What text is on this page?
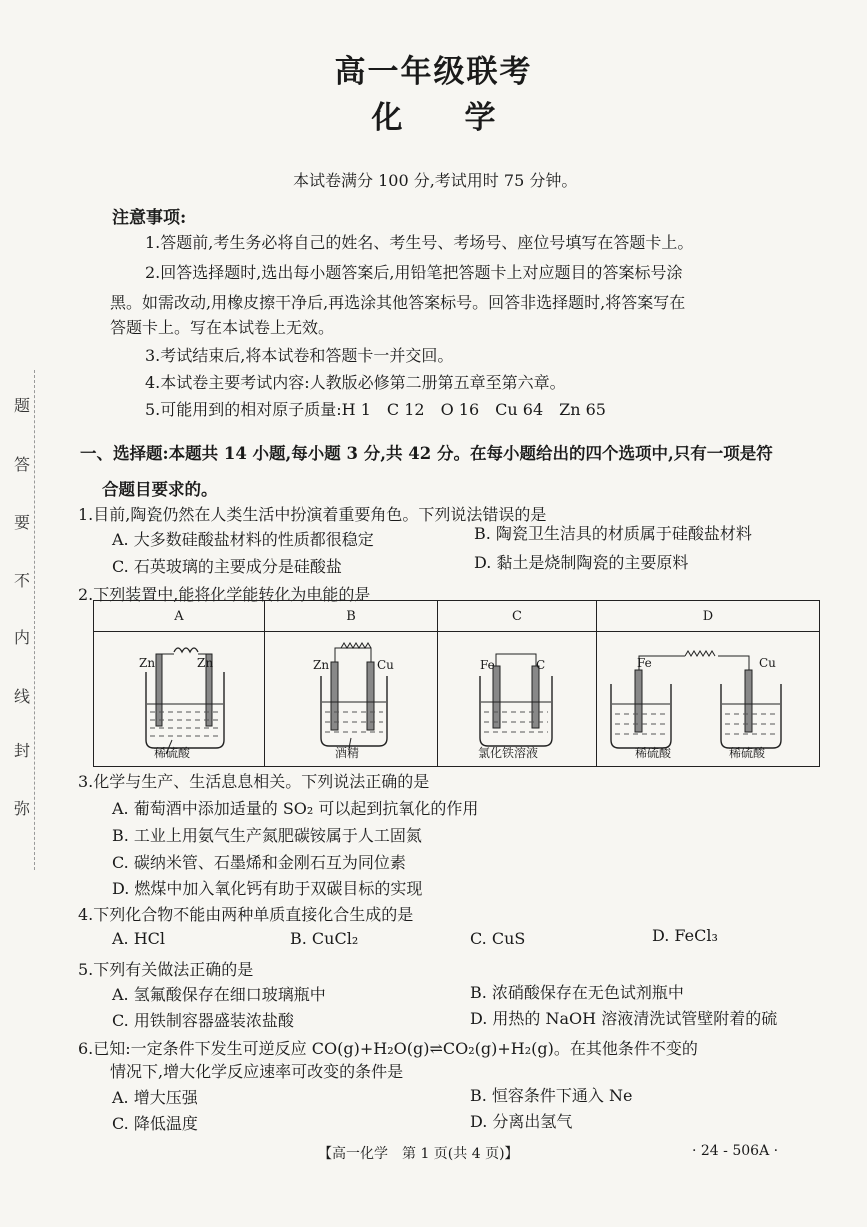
高一年级联考
化学
本试卷满分 100 分,考试用时 75 分钟。
注意事项:
1.答题前,考生务必将自己的姓名、考生号、考场号、座位号填写在答题卡上。
2.回答选择题时,选出每小题答案后,用铅笔把答题卡上对应题目的答案标号涂
黑。如需改动,用橡皮擦干净后,再选涂其他答案标号。回答非选择题时,将答案写在
答题卡上。写在本试卷上无效。
3.考试结束后,将本试卷和答题卡一并交回。
4.本试卷主要考试内容:人教版必修第二册第五章至第六章。
5.可能用到的相对原子质量:H 1　C 12　O 16　Cu 64　Zn 65
题
答
要
不
内
线
封
弥
一、选择题:本题共 14 小题,每小题 3 分,共 42 分。在每小题给出的四个选项中,只有一项是符
合题目要求的。
1.目前,陶瓷仍然在人类生活中扮演着重要角色。下列说法错误的是
A. 大多数硅酸盐材料的性质都很稳定	B. 陶瓷卫生洁具的材质属于硅酸盐材料
C. 石英玻璃的主要成分是硅酸盐	D. 黏土是烧制陶瓷的主要原料
2.下列装置中,能将化学能转化为电能的是
A	B	C	D

Zn Zn
稀硫酸	Zn Cu
酒精	Fe C
氯化铁溶液	Fe Cu
稀硫酸 稀硫酸
3.化学与生产、生活息息相关。下列说法正确的是
A. 葡萄酒中添加适量的 SO₂ 可以起到抗氧化的作用
B. 工业上用氨气生产氮肥碳铵属于人工固氮
C. 碳纳米管、石墨烯和金刚石互为同位素
D. 燃煤中加入氧化钙有助于双碳目标的实现
4.下列化合物不能由两种单质直接化合生成的是
A. HCl	B. CuCl₂	C. CuS	D. FeCl₃
5.下列有关做法正确的是
A. 氢氟酸保存在细口玻璃瓶中	B. 浓硝酸保存在无色试剂瓶中
C. 用铁制容器盛装浓盐酸	D. 用热的 NaOH 溶液清洗试管壁附着的硫
6.已知:一定条件下发生可逆反应 CO(g)+H₂O(g)⇌CO₂(g)+H₂(g)。在其他条件不变的
情况下,增大化学反应速率可改变的条件是
A. 增大压强	B. 恒容条件下通入 Ne
C. 降低温度	D. 分离出氢气
【高一化学　第 1 页(共 4 页)】	· 24 - 506A ·
